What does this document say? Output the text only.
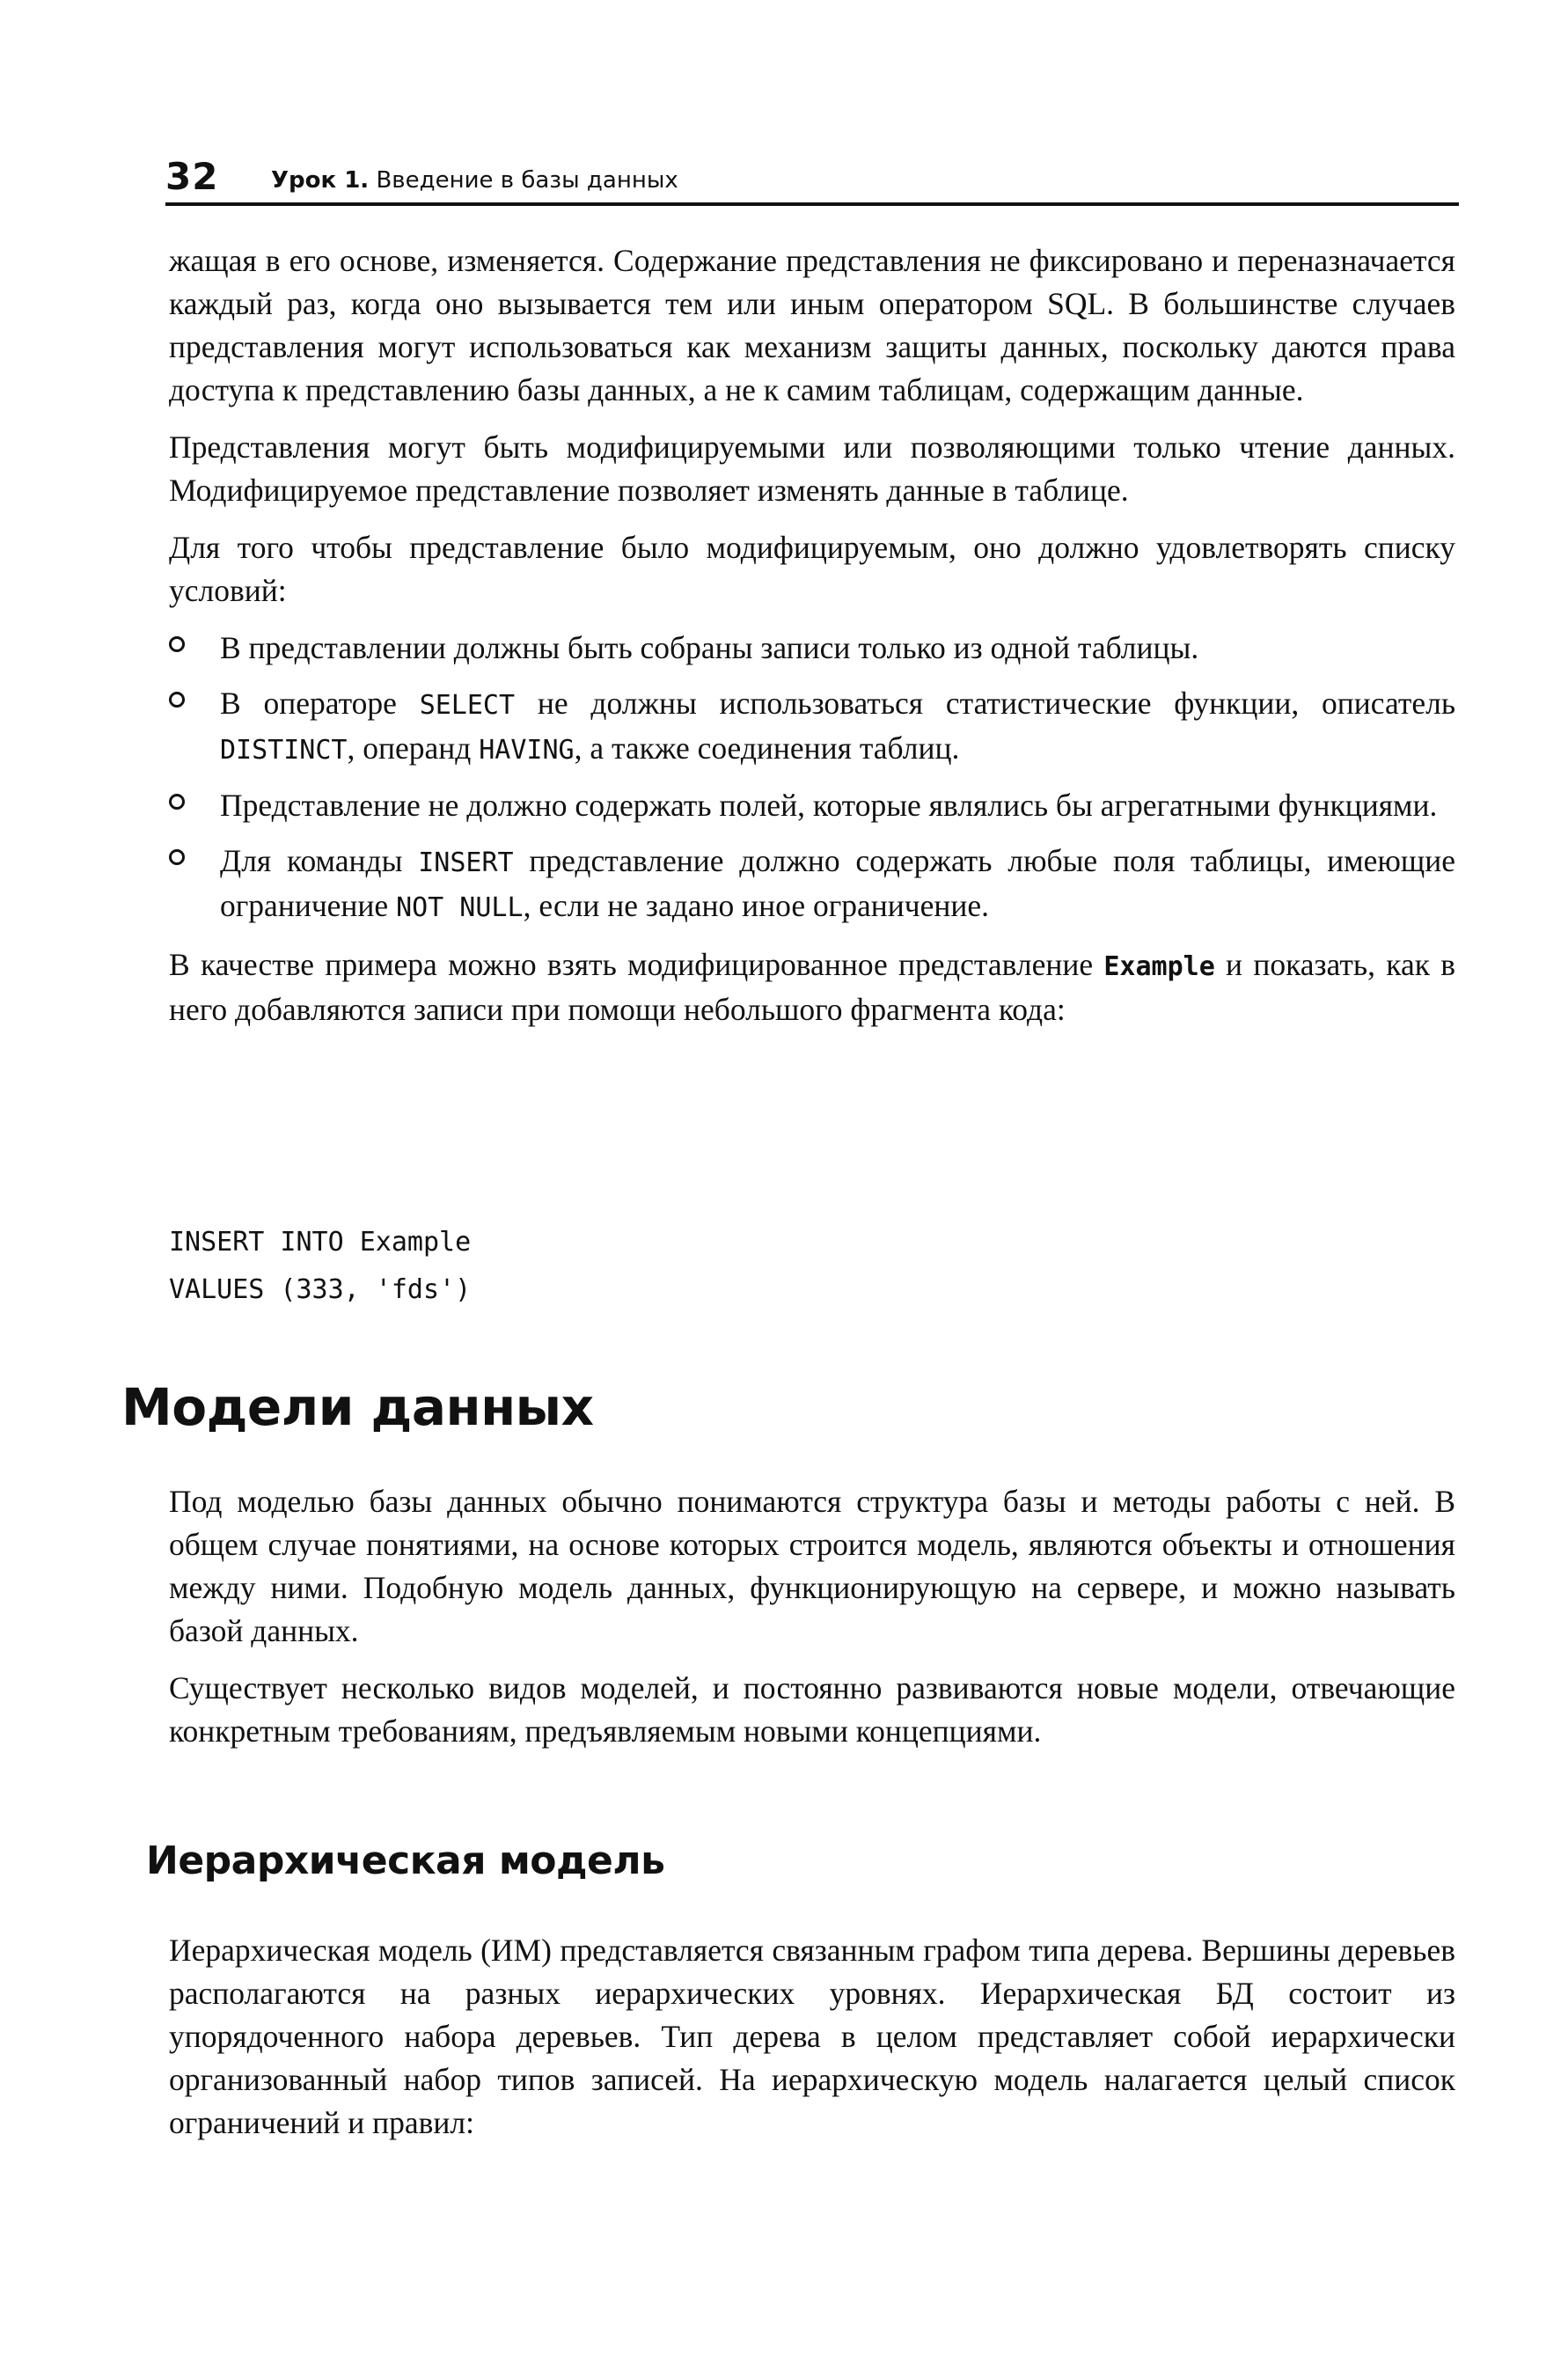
32 Урок 1. Введение в базы данных

жащая в его основе, изменяется. Содержание представления не фиксировано и переназначается каждый раз, когда оно вызывается тем или иным оператором SQL. В большинстве случаев представления могут использоваться как механизм защиты данных, поскольку даются права доступа к представлению базы данных, а не к самим таблицам, содержащим данные.

Представления могут быть модифицируемыми или позволяющими только чтение данных. Модифицируемое представление позволяет изменять данные в таблице.

Для того чтобы представление было модифицируемым, оно должно удовлетворять списку условий:

В представлении должны быть собраны записи только из одной таблицы.
В операторе SELECT не должны использоваться статистические функции, описатель DISTINCT, операнд HAVING, а также соединения таблиц.
Представление не должно содержать полей, которые являлись бы агрегатными функциями.
Для команды INSERT представление должно содержать любые поля таблицы, имеющие ограничение NOT NULL, если не задано иное ограничение.

В качестве примера можно взять модифицированное представление Example и показать, как в него добавляются записи при помощи небольшого фрагмента кода:

INSERT INTO Example
VALUES (333, 'fds')
Модели данных

Под моделью базы данных обычно понимаются структура базы и методы работы с ней. В общем случае понятиями, на основе которых строится модель, являются объекты и отношения между ними. Подобную модель данных, функционирующую на сервере, и можно называть базой данных.

Существует несколько видов моделей, и постоянно развиваются новые модели, отвечающие конкретным требованиям, предъявляемым новыми концепциями.

Иерархическая модель

Иерархическая модель (ИМ) представляется связанным графом типа дерева. Вершины деревьев располагаются на разных иерархических уровнях. Иерархическая БД состоит из упорядоченного набора деревьев. Тип дерева в целом представляет собой иерархически организованный набор типов записей. На иерархическую модель налагается целый список ограничений и правил:
